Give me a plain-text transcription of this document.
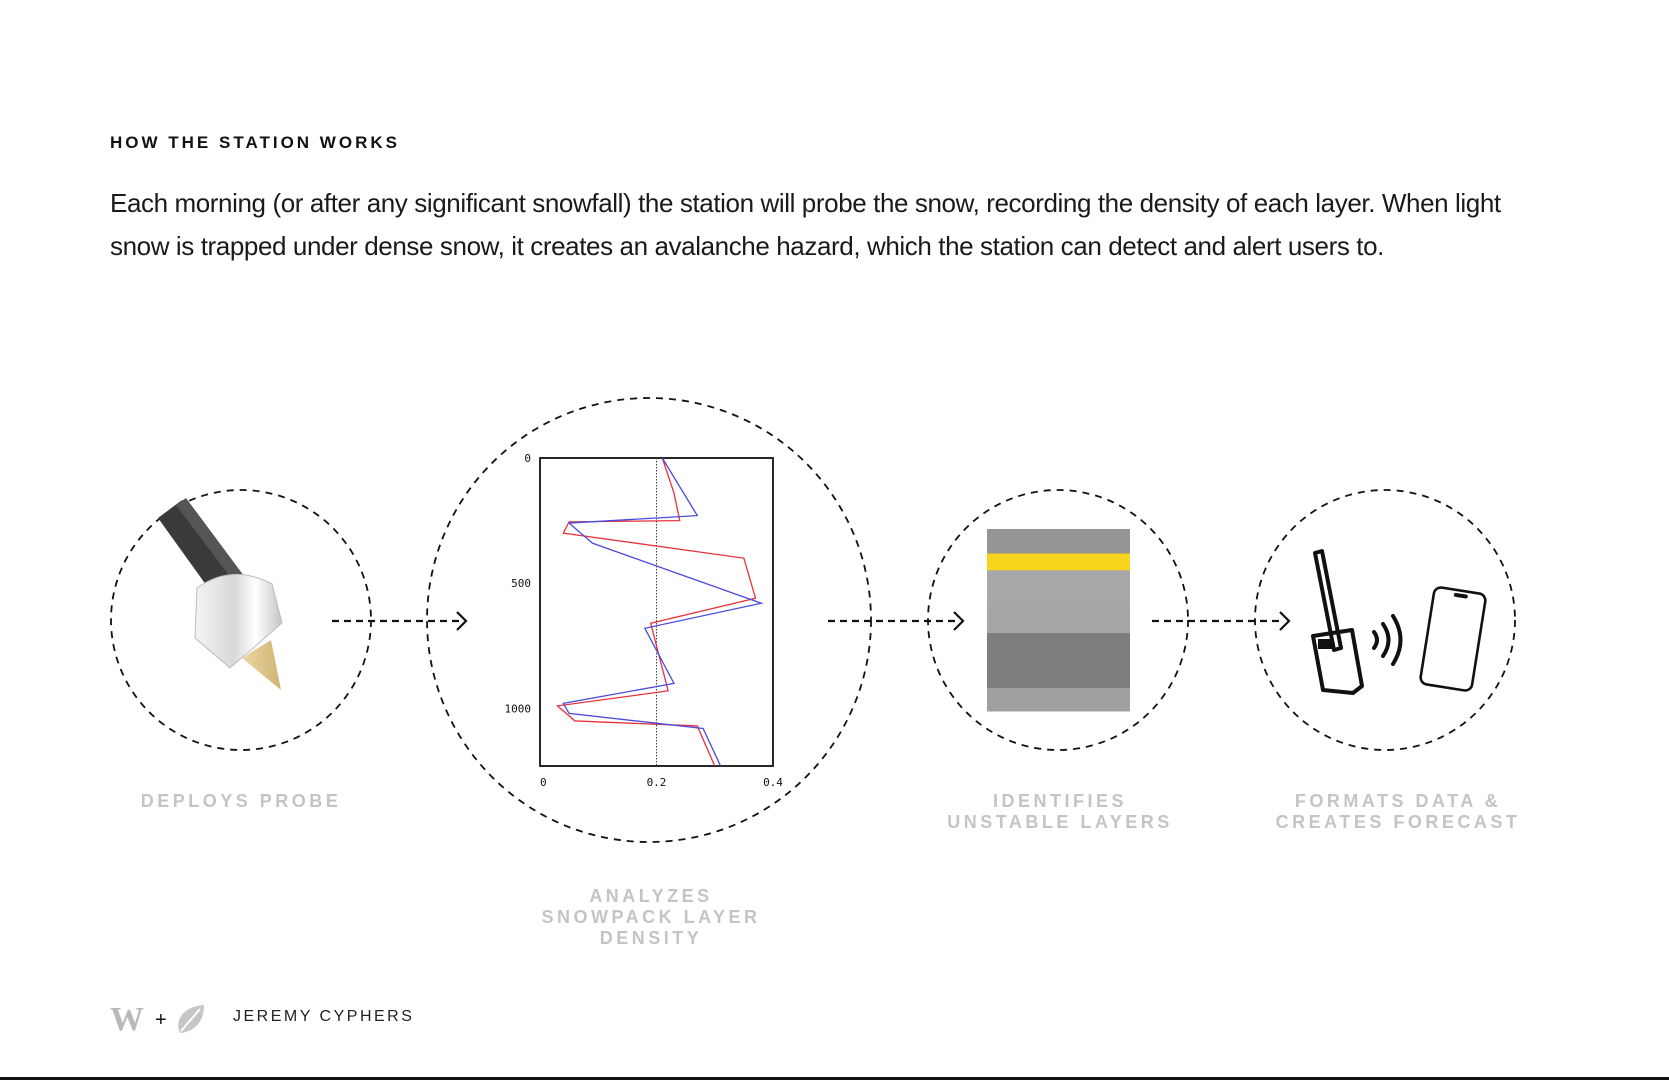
HOW THE STATION WORKS
Each morning (or after any significant snowfall) the station will probe the snow, recording the density of each layer. When light snow is trapped under dense snow, it creates an avalanche hazard, which the station can detect and alert users to.
0	0.2	0.4
0
500
1000
DEPLOYS PROBE
ANALYZES
SNOWPACK LAYER
DENSITY
IDENTIFIES
UNSTABLE LAYERS
FORMATS DATA &
CREATES FORECAST
W +	JEREMY CYPHERS
